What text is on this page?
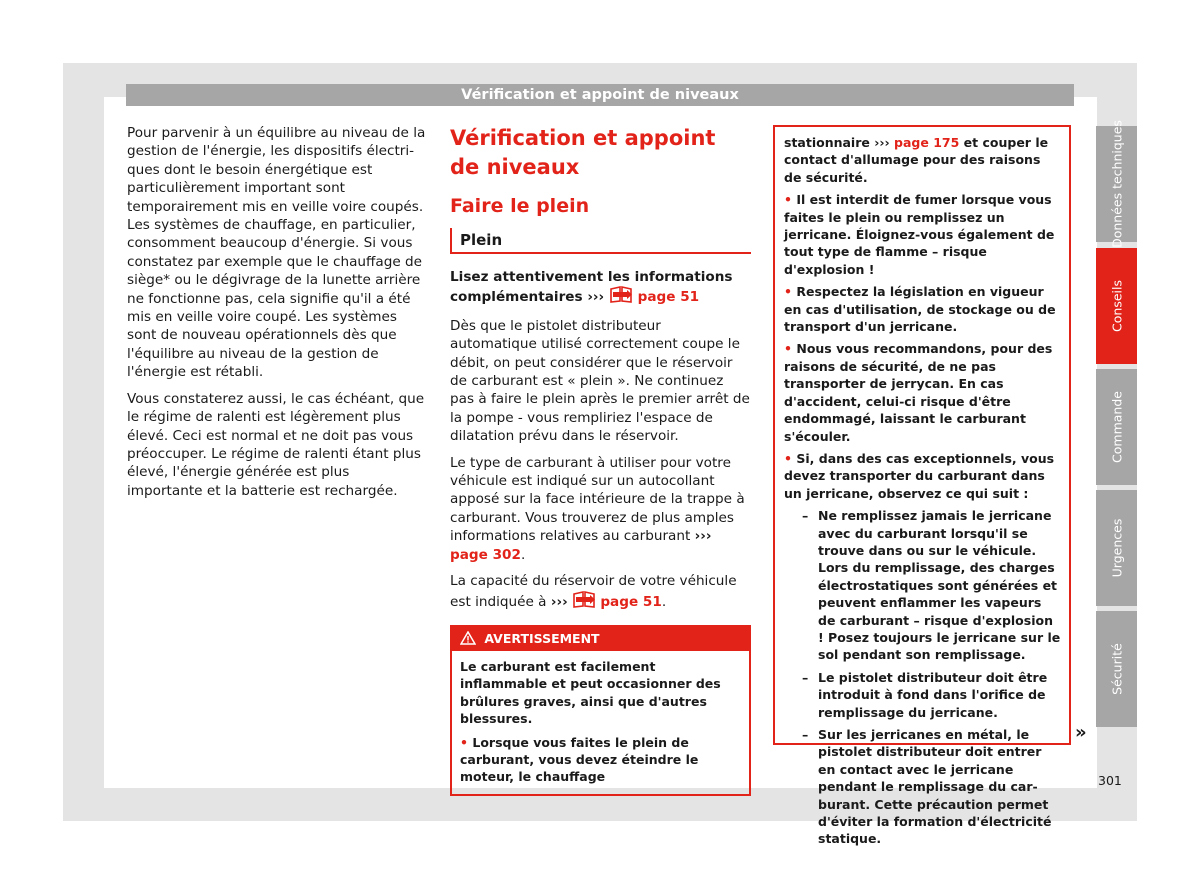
Vérification et appoint de niveaux

Pour parvenir à un équilibre au niveau de la gestion de l'énergie, les dispositifs électriques dont le besoin énergétique est particulièrement important sont temporairement mis en veille voire coupés. Les systèmes de chauffage, en particulier, consomment beaucoup d'énergie. Si vous constatez par exemple que le chauffage de siège* ou le dégivrage de la lunette arrière ne fonctionne pas, cela signifie qu'il a été mis en veille voire coupé. Les systèmes sont de nouveau opérationnels dès que l'équilibre au niveau de la gestion de l'énergie est rétabli.

Vous constaterez aussi, le cas échéant, que le régime de ralenti est légèrement plus élevé. Ceci est normal et ne doit pas vous préoccuper. Le régime de ralenti étant plus élevé, l'énergie générée est plus importante et la batterie est rechargée.

Vérification et appoint de niveaux
Faire le plein
Plein

Lisez attentivement les informations complémentaires ››› page 51

Dès que le pistolet distributeur automatique utilisé correctement coupe le débit, on peut considérer que le réservoir de carburant est « plein ». Ne continuez pas à faire le plein après le premier arrêt de la pompe - vous rempliriez l'espace de dilatation prévu dans le réservoir.

Le type de carburant à utiliser pour votre véhicule est indiqué sur un autocollant apposé sur la face intérieure de la trappe à carburant. Vous trouverez de plus amples informations relatives au carburant ››› page 302.

La capacité du réservoir de votre véhicule est indiquée à ››› page 51.

AVERTISSEMENT

Le carburant est facilement inflammable et peut occasionner des brûlures graves, ainsi que d'autres blessures.

• Lorsque vous faites le plein de carburant, vous devez éteindre le moteur, le chauffage

stationnaire ››› page 175 et couper le contact d'allumage pour des raisons de sécurité.

• Il est interdit de fumer lorsque vous faites le plein ou remplissez un jerricane. Éloignez-vous également de tout type de flamme – risque d'explosion !

• Respectez la législation en vigueur en cas d'utilisation, de stockage ou de transport d'un jerricane.

• Nous vous recommandons, pour des raisons de sécurité, de ne pas transporter de jerrycan. En cas d'accident, celui-ci risque d'être endommagé, laissant le carburant s'écouler.

• Si, dans des cas exceptionnels, vous devez transporter du carburant dans un jerricane, observez ce qui suit :

– Ne remplissez jamais le jerricane avec du carburant lorsqu'il se trouve dans ou sur le véhicule. Lors du remplissage, des charges électrostatiques sont générées et peuvent enflammer les vapeurs de carburant – risque d'explosion ! Posez toujours le jerricane sur le sol pendant son remplissage.
– Le pistolet distributeur doit être introduit à fond dans l'orifice de remplissage du jerricane.
– Sur les jerricanes en métal, le pistolet distributeur doit entrer en contact avec le jerricane pendant le remplissage du carburant. Cette précaution permet d'éviter la formation d'électricité statique.
»
Données techniques
Conseils
Commande
Urgences
Sécurité
301
